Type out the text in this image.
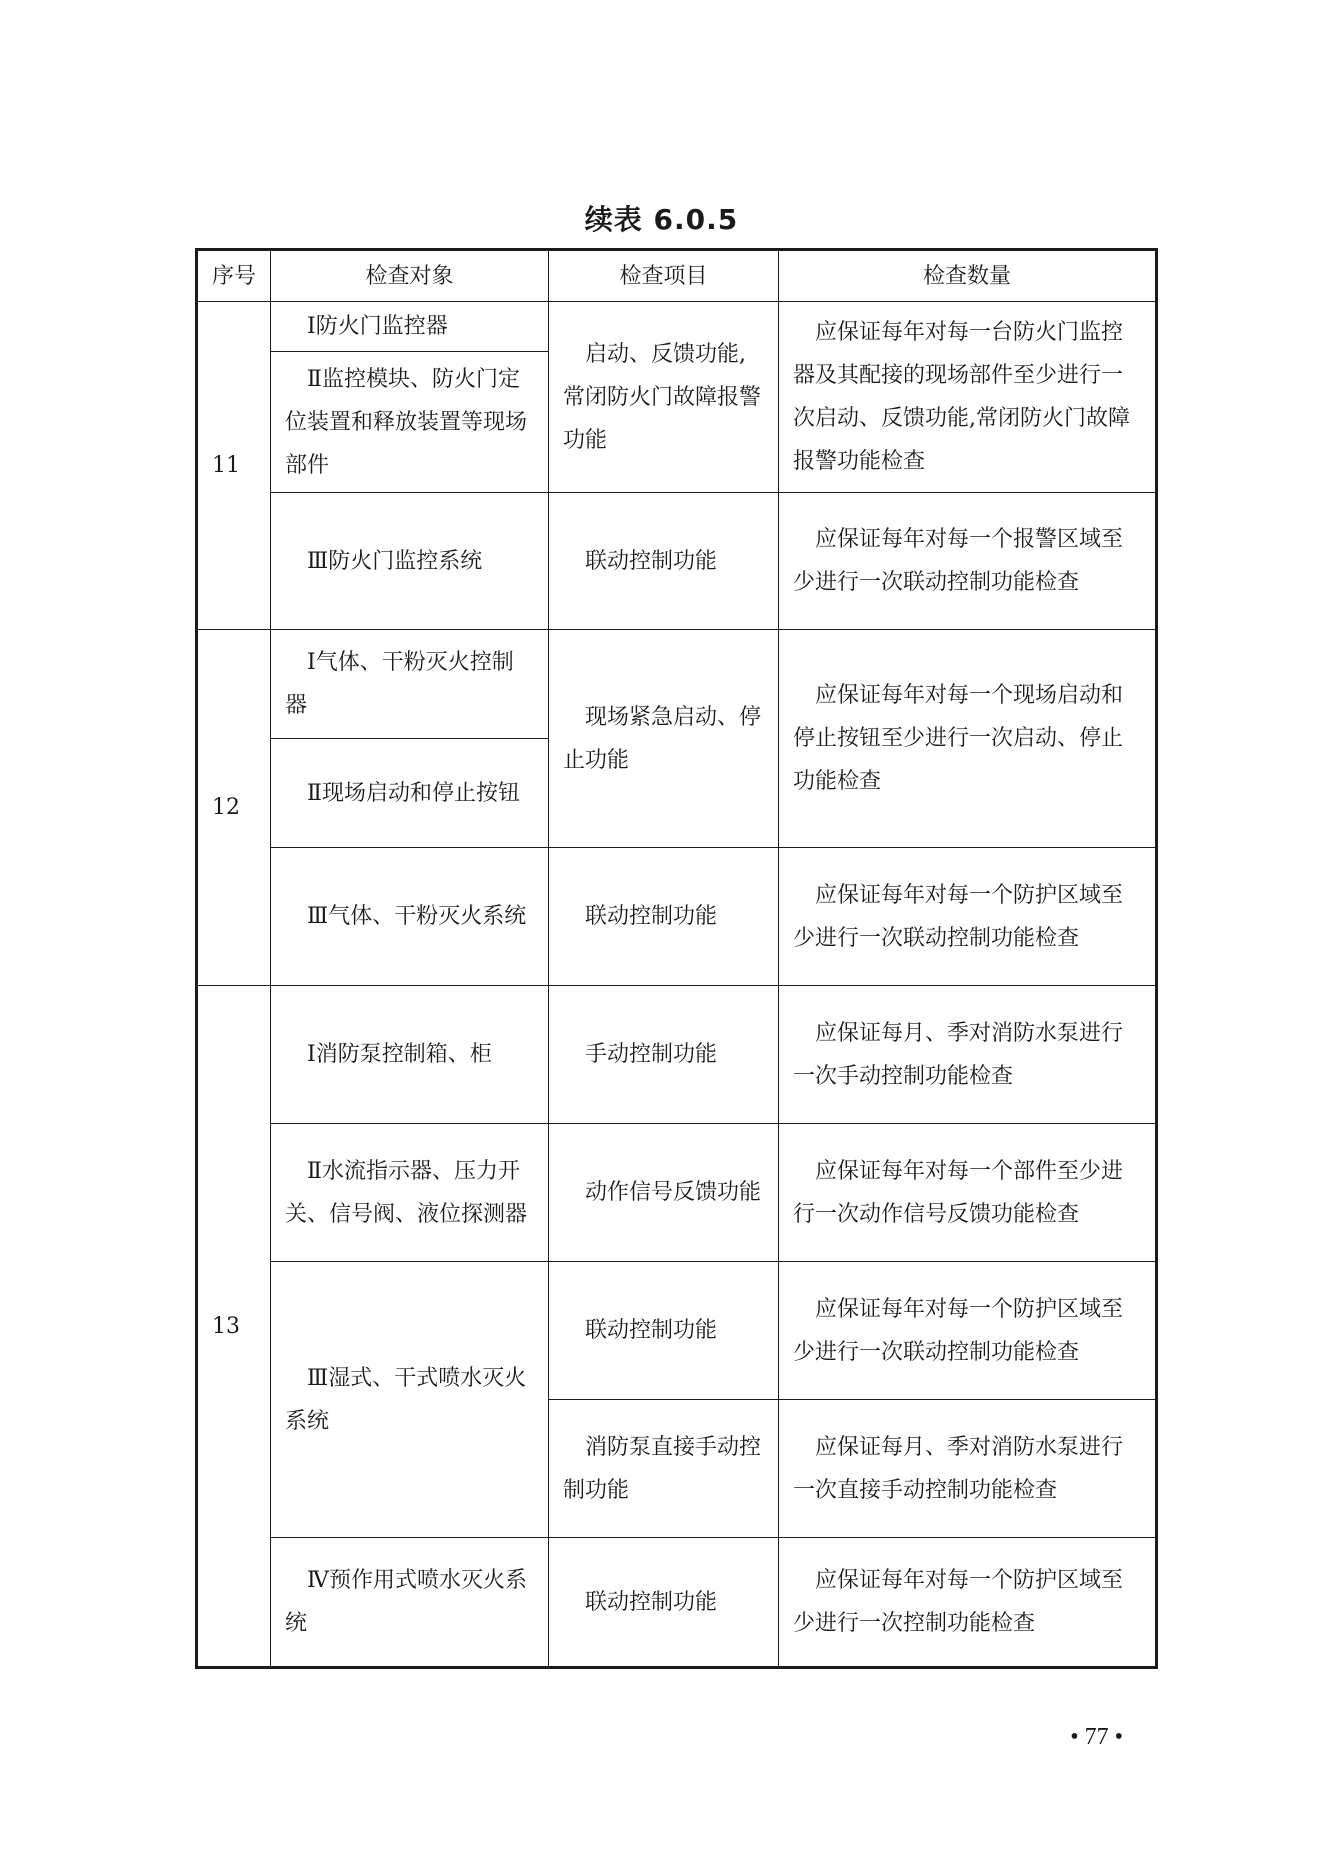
续表 6.0.5
序号	检查对象	检查项目	检查数量
11	Ⅰ防火门监控器	启动、反馈功能,常闭防火门故障报警功能	应保证每年对每一台防火门监控器及其配接的现场部件至少进行一次启动、反馈功能,常闭防火门故障报警功能检查

	Ⅱ监控模块、防火门定位装置和释放装置等现场部件		

	Ⅲ防火门监控系统	联动控制功能	应保证每年对每一个报警区域至少进行一次联动控制功能检查

12	Ⅰ气体、干粉灭火控制器	现场紧急启动、停止功能	应保证每年对每一个现场启动和停止按钮至少进行一次启动、停止功能检查

	Ⅱ现场启动和停止按钮		

	Ⅲ气体、干粉灭火系统	联动控制功能	应保证每年对每一个防护区域至少进行一次联动控制功能检查

13	Ⅰ消防泵控制箱、柜	手动控制功能	应保证每月、季对消防水泵进行一次手动控制功能检查

	Ⅱ水流指示器、压力开关、信号阀、液位探测器	动作信号反馈功能	应保证每年对每一个部件至少进行一次动作信号反馈功能检查

	Ⅲ湿式、干式喷水灭火系统	联动控制功能	应保证每年对每一个防护区域至少进行一次联动控制功能检查

		消防泵直接手动控制功能	应保证每月、季对消防水泵进行一次直接手动控制功能检查

	Ⅳ预作用式喷水灭火系统	联动控制功能	应保证每年对每一个防护区域至少进行一次控制功能检查
• 77 •
